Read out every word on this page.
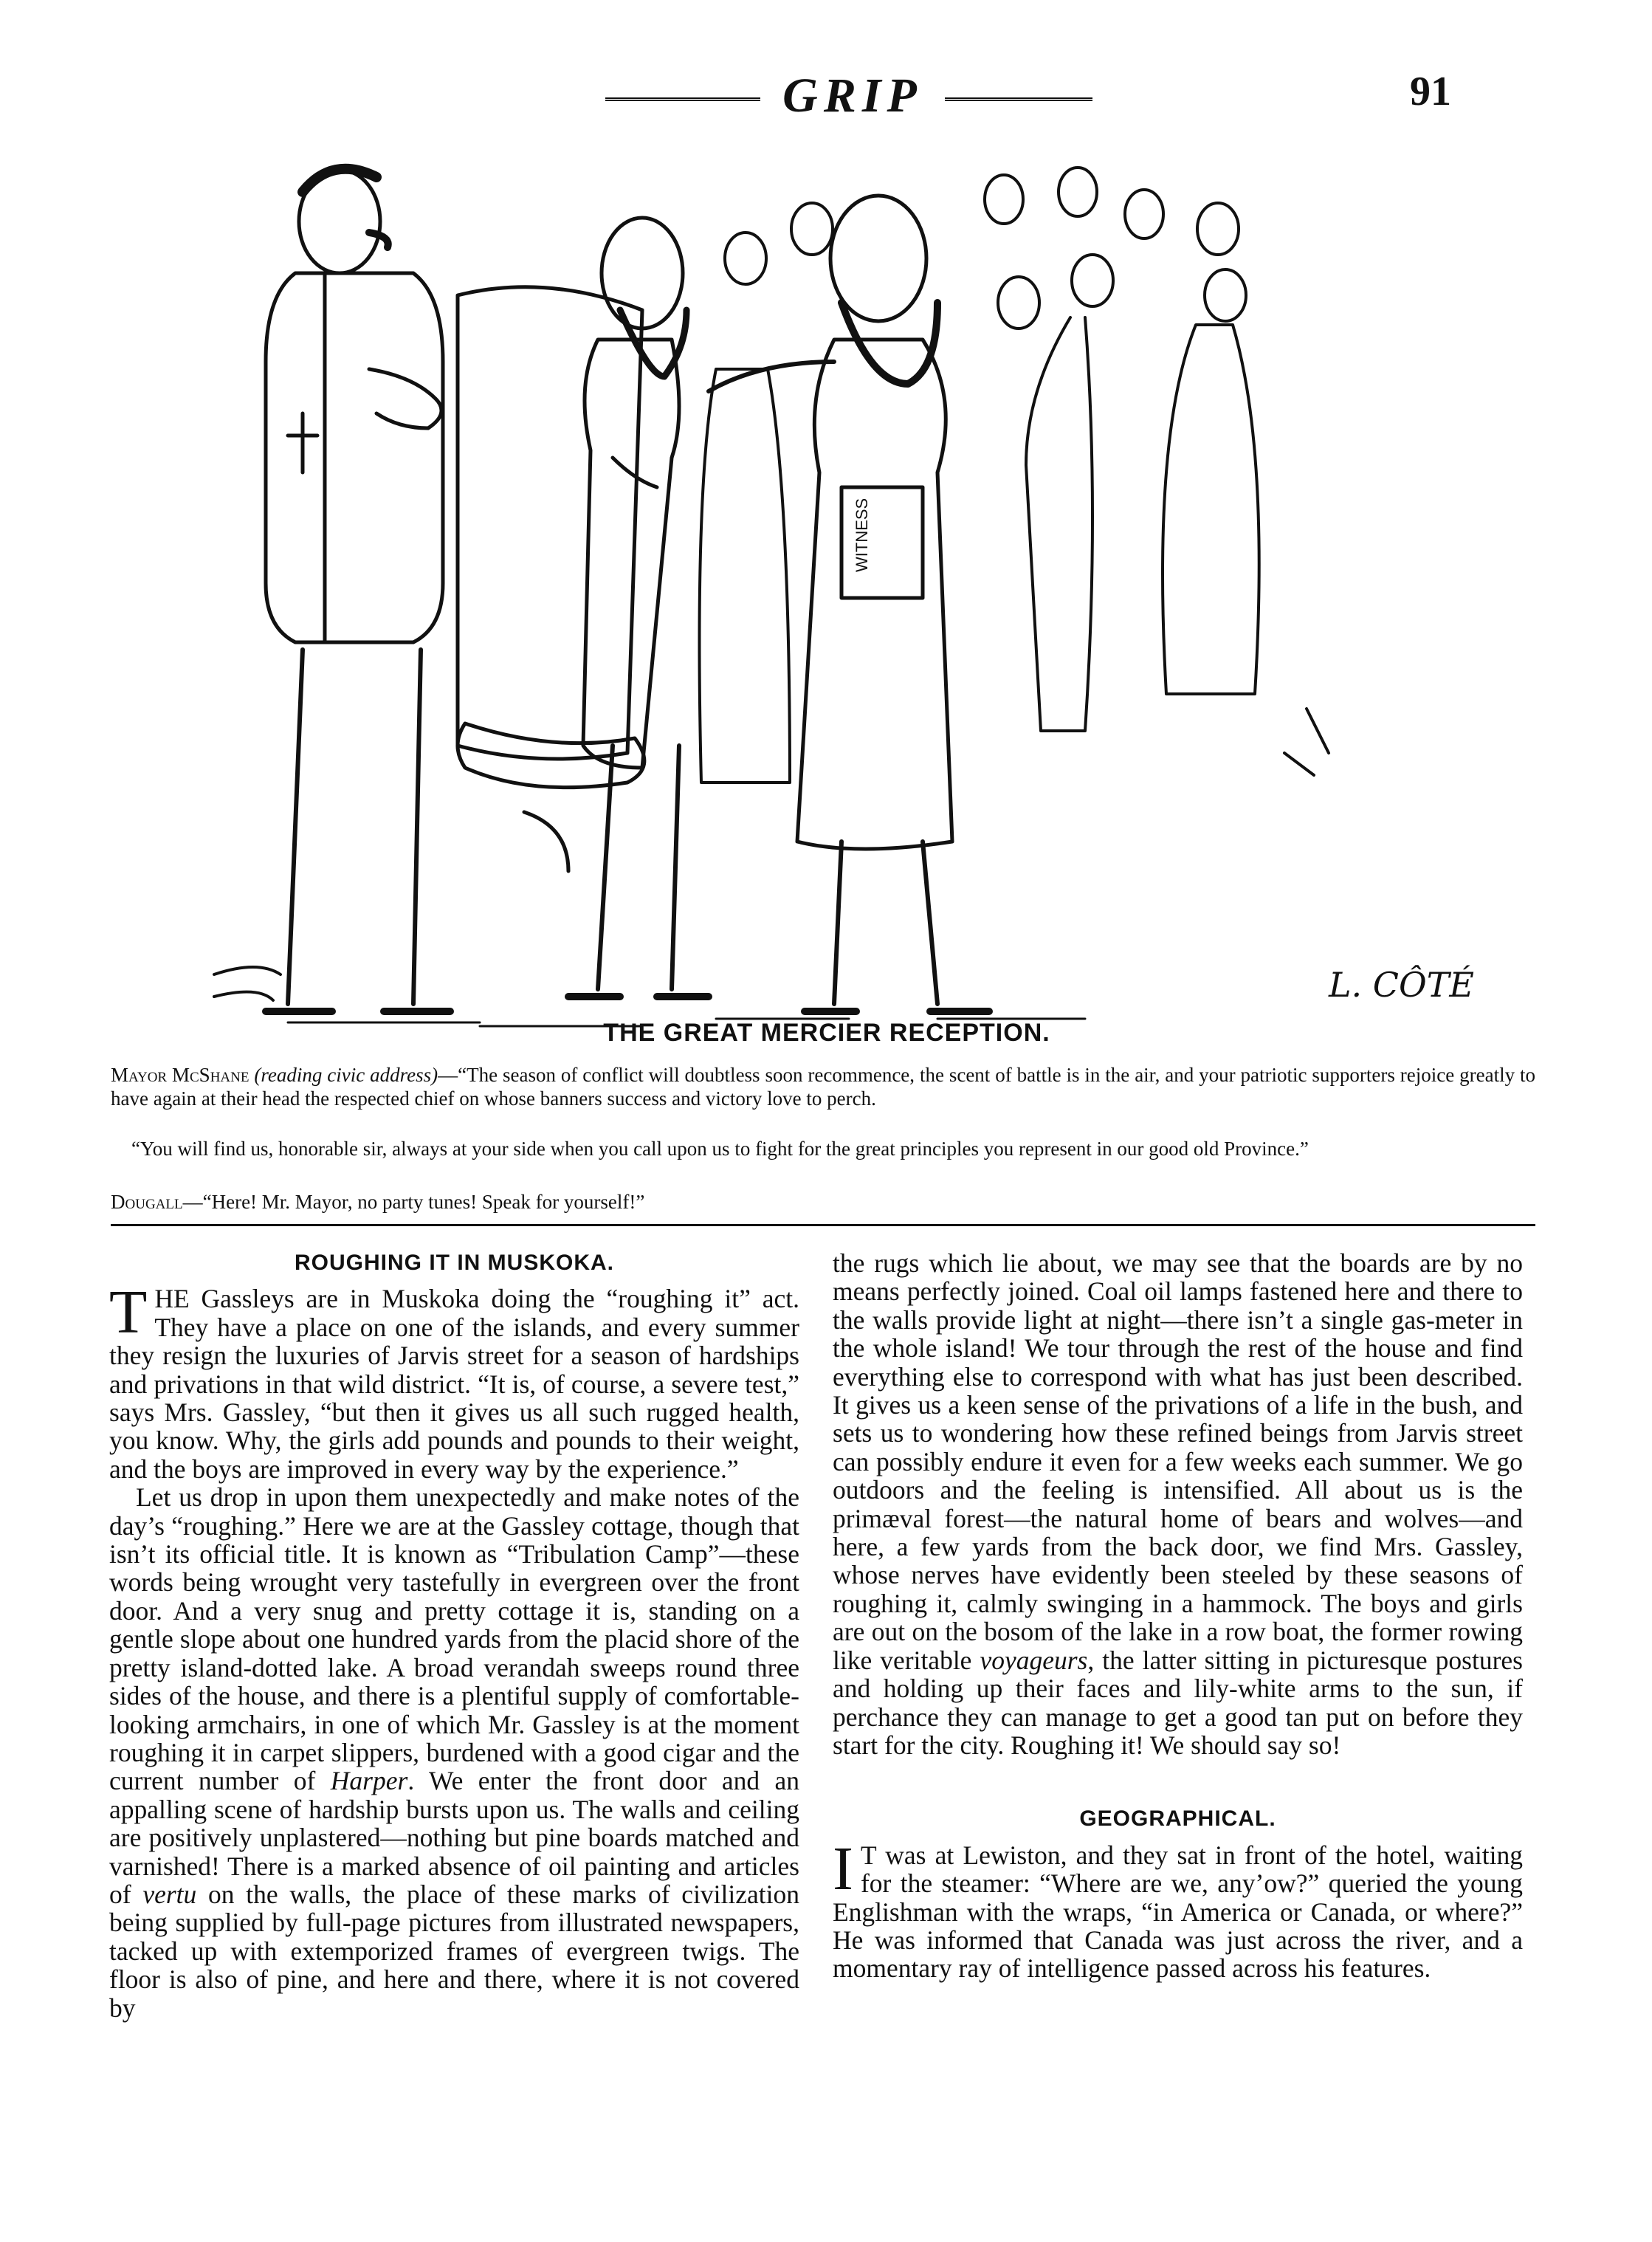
GRIP	91
WITNESS
L. CÔTÉ
THE GREAT MERCIER RECEPTION.
Mayor McShane (reading civic address)—“The season of conflict will doubtless soon recommence, the scent of battle is in the air, and your patriotic supporters rejoice greatly to have again at their head the respected chief on whose banners success and victory love to perch.
“You will find us, honorable sir, always at your side when you call upon us to fight for the great principles you represent in our good old Province.”
Dougall—“Here! Mr. Mayor, no party tunes! Speak for yourself!”

ROUGHING IT IN MUSKOKA.

THE Gassleys are in Muskoka doing the “roughing it” act. They have a place on one of the islands, and every summer they resign the luxuries of Jarvis street for a season of hardships and privations in that wild district. “It is, of course, a severe test,” says Mrs. Gassley, “but then it gives us all such rugged health, you know. Why, the girls add pounds and pounds to their weight, and the boys are improved in every way by the experience.”

Let us drop in upon them unexpectedly and make notes of the day’s “roughing.” Here we are at the Gassley cottage, though that isn’t its official title. It is known as “Tribulation Camp”—these words being wrought very tastefully in evergreen over the front door. And a very snug and pretty cottage it is, standing on a gentle slope about one hundred yards from the placid shore of the pretty island-dotted lake. A broad verandah sweeps round three sides of the house, and there is a plentiful supply of comfortable-looking armchairs, in one of which Mr. Gassley is at the moment roughing it in carpet slippers, burdened with a good cigar and the current number of Harper. We enter the front door and an appalling scene of hardship bursts upon us. The walls and ceiling are positively unplastered—nothing but pine boards matched and varnished! There is a marked absence of oil painting and articles of vertu on the walls, the place of these marks of civilization being supplied by full-page pictures from illustrated newspapers, tacked up with extemporized frames of evergreen twigs. The floor is also of pine, and here and there, where it is not covered by

the rugs which lie about, we may see that the boards are by no means perfectly joined. Coal oil lamps fastened here and there to the walls provide light at night—there isn’t a single gas-meter in the whole island! We tour through the rest of the house and find everything else to correspond with what has just been described. It gives us a keen sense of the privations of a life in the bush, and sets us to wondering how these refined beings from Jarvis street can possibly endure it even for a few weeks each summer. We go outdoors and the feeling is intensified. All about us is the primæval forest—the natural home of bears and wolves—and here, a few yards from the back door, we find Mrs. Gassley, whose nerves have evidently been steeled by these seasons of roughing it, calmly swinging in a hammock. The boys and girls are out on the bosom of the lake in a row boat, the former rowing like veritable voyageurs, the latter sitting in picturesque postures and holding up their faces and lily-white arms to the sun, if perchance they can manage to get a good tan put on before they start for the city. Roughing it! We should say so!

GEOGRAPHICAL.

I T was at Lewiston, and they sat in front of the hotel, waiting for the steamer: “Where are we, any’ow?” queried the young Englishman with the wraps, “in America or Canada, or where?” He was informed that Canada was just across the river, and a momentary ray of intelligence passed across his features.
